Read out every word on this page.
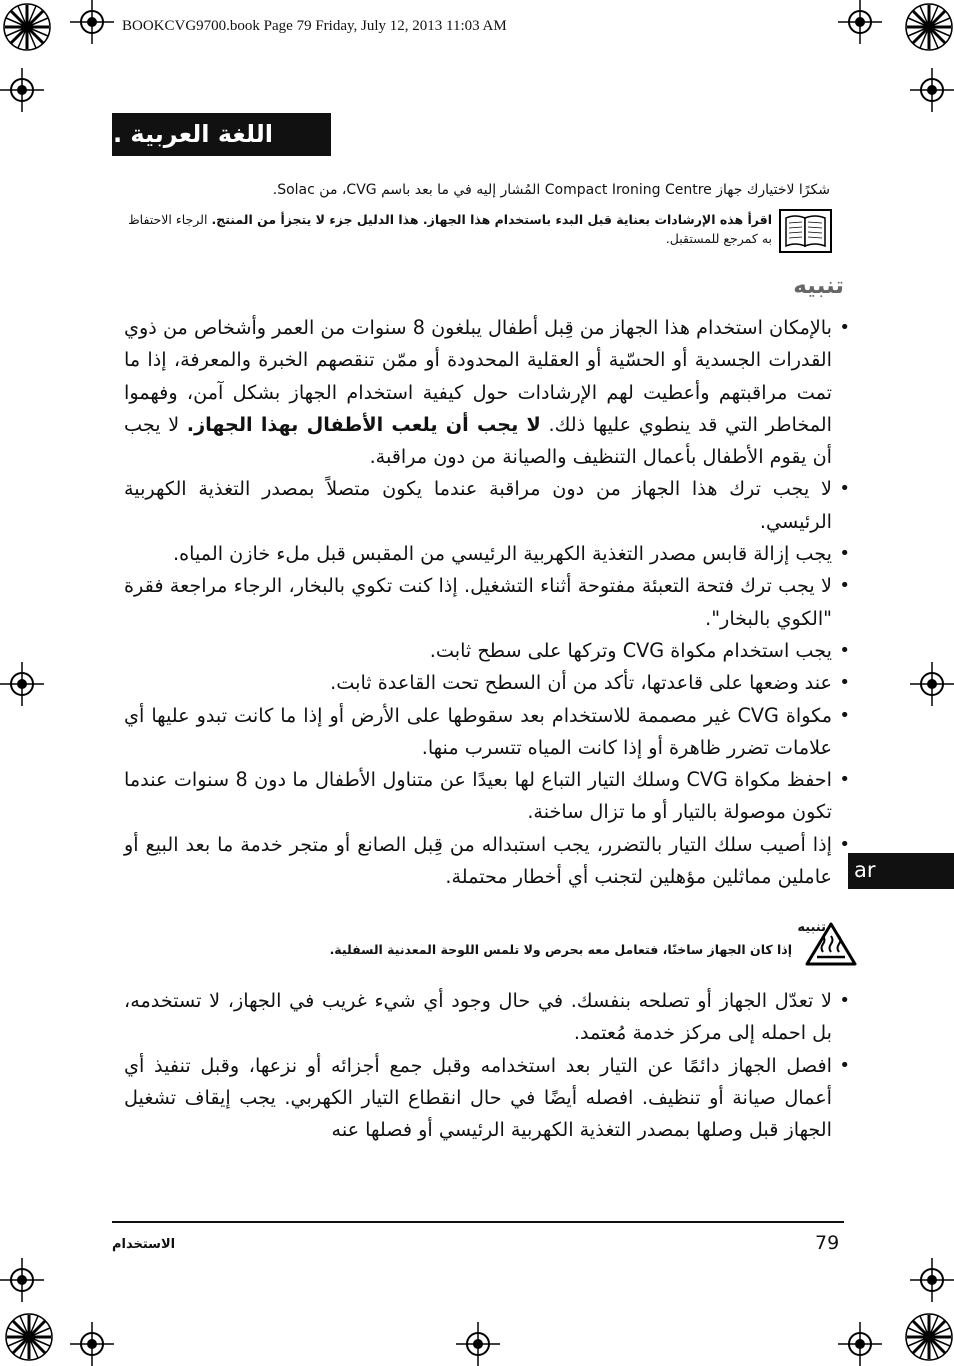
BOOKCVG9700.book Page 79 Friday, July 12, 2013 11:03 AM
اللغة العربية .
شكرًا لاختيارك جهاز Compact Ironing Centre المُشار إليه في ما بعد باسم CVG، من Solac.
اقرأ هذه الإرشادات بعناية قبل البدء باستخدام هذا الجهاز. هذا الدليل جزء لا يتجزأ من المنتج. الرجاء الاحتفاظ به كمرجع للمستقبل.
تنبيه
• بالإمكان استخدام هذا الجهاز من قِبل أطفال يبلغون 8 سنوات من العمر وأشخاص من ذوي القدرات الجسدية أو الحسّية أو العقلية المحدودة أو ممّن تنقصهم الخبرة والمعرفة، إذا ما تمت مراقبتهم وأعطيت لهم الإرشادات حول كيفية استخدام الجهاز بشكل آمن، وفهموا المخاطر التي قد ينطوي عليها ذلك. لا يجب أن يلعب الأطفال بهذا الجهاز. لا يجب أن يقوم الأطفال بأعمال التنظيف والصيانة من دون مراقبة.
• لا يجب ترك هذا الجهاز من دون مراقبة عندما يكون متصلاً بمصدر التغذية الكهربية الرئيسي.
• يجب إزالة قابس مصدر التغذية الكهربية الرئيسي من المقبس قبل ملء خازن المياه.
• لا يجب ترك فتحة التعبئة مفتوحة أثناء التشغيل. إذا كنت تكوي بالبخار، الرجاء مراجعة فقرة "الكوي بالبخار".
• يجب استخدام مكواة CVG وتركها على سطح ثابت.
• عند وضعها على قاعدتها، تأكد من أن السطح تحت القاعدة ثابت.
• مكواة CVG غير مصممة للاستخدام بعد سقوطها على الأرض أو إذا ما كانت تبدو عليها أي علامات تضرر ظاهرة أو إذا كانت المياه تتسرب منها.
• احفظ مكواة CVG وسلك التيار التباع لها بعيدًا عن متناول الأطفال ما دون 8 سنوات عندما تكون موصولة بالتيار أو ما تزال ساخنة.
• إذا أصيب سلك التيار بالتضرر، يجب استبداله من قِبل الصانع أو متجر خدمة ما بعد البيع أو عاملين مماثلين مؤهلين لتجنب أي أخطار محتملة.	ar
تنبيه
إذا كان الجهاز ساخنًا، فتعامل معه بحرص ولا تلمس اللوحة المعدنية السفلية.
• لا تعدّل الجهاز أو تصلحه بنفسك. في حال وجود أي شيء غريب في الجهاز، لا تستخدمه، بل احمله إلى مركز خدمة مُعتمد.
• افصل الجهاز دائمًا عن التيار بعد استخدامه وقبل جمع أجزائه أو نزعها، وقبل تنفيذ أي أعمال صيانة أو تنظيف. افصله أيضًا في حال انقطاع التيار الكهربي. يجب إيقاف تشغيل الجهاز قبل وصلها بمصدر التغذية الكهربية الرئيسي أو فصلها عنه
79
الاستخدام
